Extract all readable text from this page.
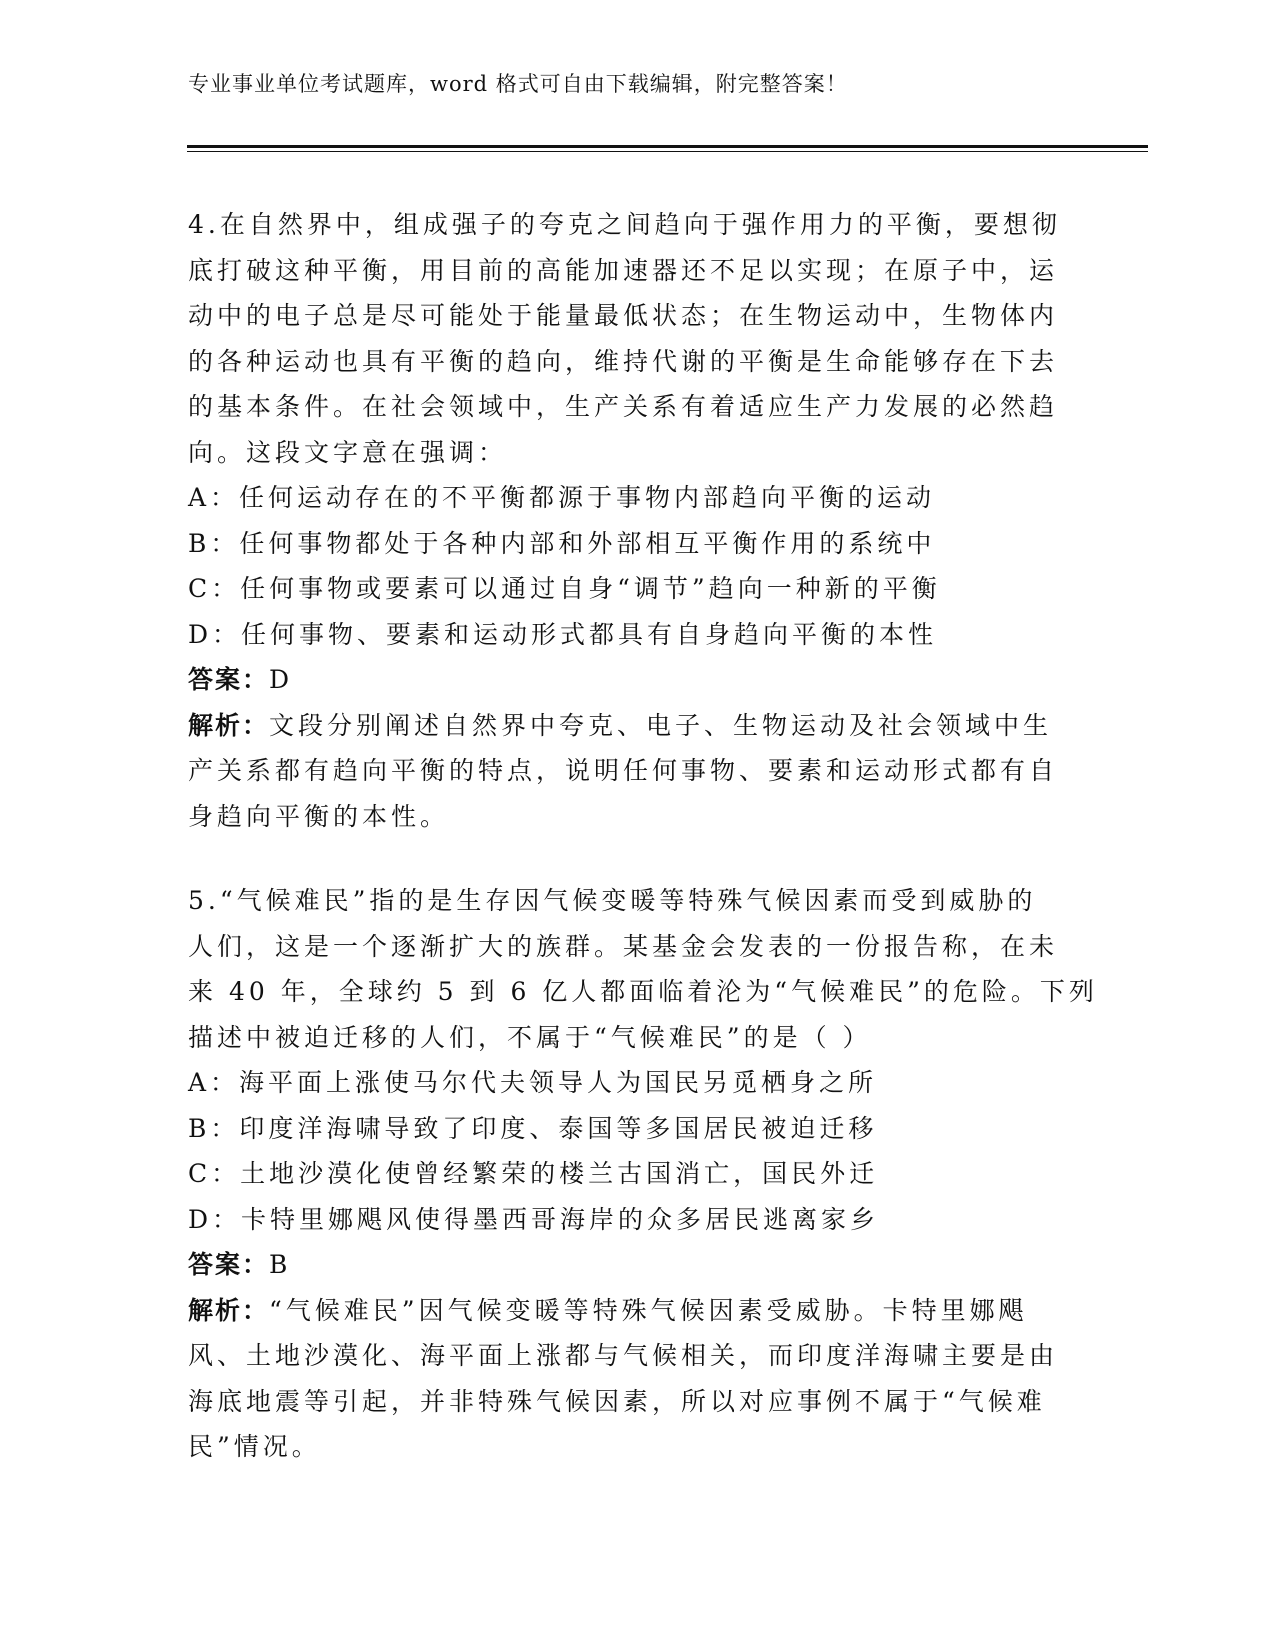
专业事业单位考试题库，word 格式可自由下载编辑，附完整答案！
4.在自然界中，组成强子的夸克之间趋向于强作用力的平衡，要想彻
底打破这种平衡，用目前的高能加速器还不足以实现；在原子中，运
动中的电子总是尽可能处于能量最低状态；在生物运动中，生物体内
的各种运动也具有平衡的趋向，维持代谢的平衡是生命能够存在下去
的基本条件。在社会领域中，生产关系有着适应生产力发展的必然趋
向。这段文字意在强调：
A：任何运动存在的不平衡都源于事物内部趋向平衡的运动
B：任何事物都处于各种内部和外部相互平衡作用的系统中
C：任何事物或要素可以通过自身“调节”趋向一种新的平衡
D：任何事物、要素和运动形式都具有自身趋向平衡的本性
答案：D
解析：文段分别阐述自然界中夸克、电子、生物运动及社会领域中生
产关系都有趋向平衡的特点，说明任何事物、要素和运动形式都有自
身趋向平衡的本性。
5.“气候难民”指的是生存因气候变暖等特殊气候因素而受到威胁的
人们，这是一个逐渐扩大的族群。某基金会发表的一份报告称，在未
来 40 年，全球约 5 到 6 亿人都面临着沦为“气候难民”的危险。下列
描述中被迫迁移的人们，不属于“气候难民”的是（ ）
A：海平面上涨使马尔代夫领导人为国民另觅栖身之所
B：印度洋海啸导致了印度、泰国等多国居民被迫迁移
C：土地沙漠化使曾经繁荣的楼兰古国消亡，国民外迁
D：卡特里娜飓风使得墨西哥海岸的众多居民逃离家乡
答案：B
解析：“气候难民”因气候变暖等特殊气候因素受威胁。卡特里娜飓
风、土地沙漠化、海平面上涨都与气候相关，而印度洋海啸主要是由
海底地震等引起，并非特殊气候因素，所以对应事例不属于“气候难
民”情况。
